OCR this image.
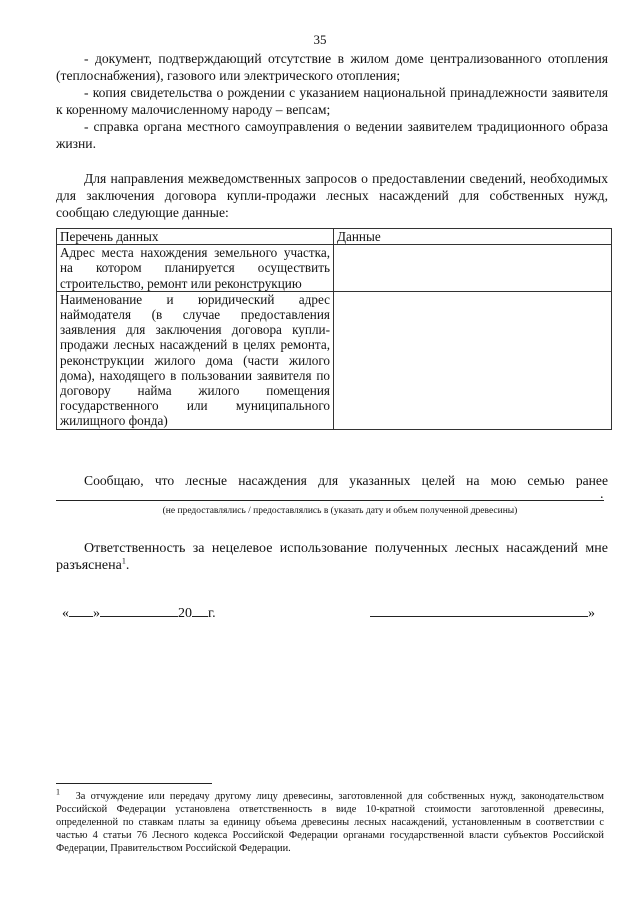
35
- документ, подтверждающий отсутствие в жилом доме централизованного отопления (теплоснабжения), газового или электрического отопления;
- копия свидетельства о рождении с указанием национальной принадлежности заявителя к коренному малочисленному народу – вепсам;
- справка органа местного самоуправления о ведении заявителем традиционного образа жизни.
Для направления межведомственных запросов о предоставлении сведений, необходимых для заключения договора купли-продажи лесных насаждений для собственных нужд, сообщаю следующие данные:
Перечень данных	Данные
Адрес места нахождения земельного участка, на котором планируется осуществить строительство, ремонт или реконструкцию	
Наименование и юридический адрес наймодателя (в случае предоставления заявления для заключения договора купли-продажи лесных насаждений в целях ремонта, реконструкции жилого дома (части жилого дома), находящего в пользовании заявителя по договору найма жилого помещения государственного или муниципального жилищного фонда)	
Сообщаю, что лесные насаждения для указанных целей на мою семью ранее
.
(не предоставлялись / предоставлялись в (указать дату и объем полученной древесины)
Ответственность за нецелевое использование полученных лесных насаждений мне разъяснена$^1$.
« »	20 г.	»
$^1$ За отчуждение или передачу другому лицу древесины, заготовленной для собственных нужд, законодательством Российской Федерации установлена ответственность в виде 10-кратной стоимости заготовленной древесины, определенной по ставкам платы за единицу объема древесины лесных насаждений, установленным в соответствии с частью 4 статьи 76 Лесного кодекса Российской Федерации органами государственной власти субъектов Российской Федерации, Правительством Российской Федерации.
